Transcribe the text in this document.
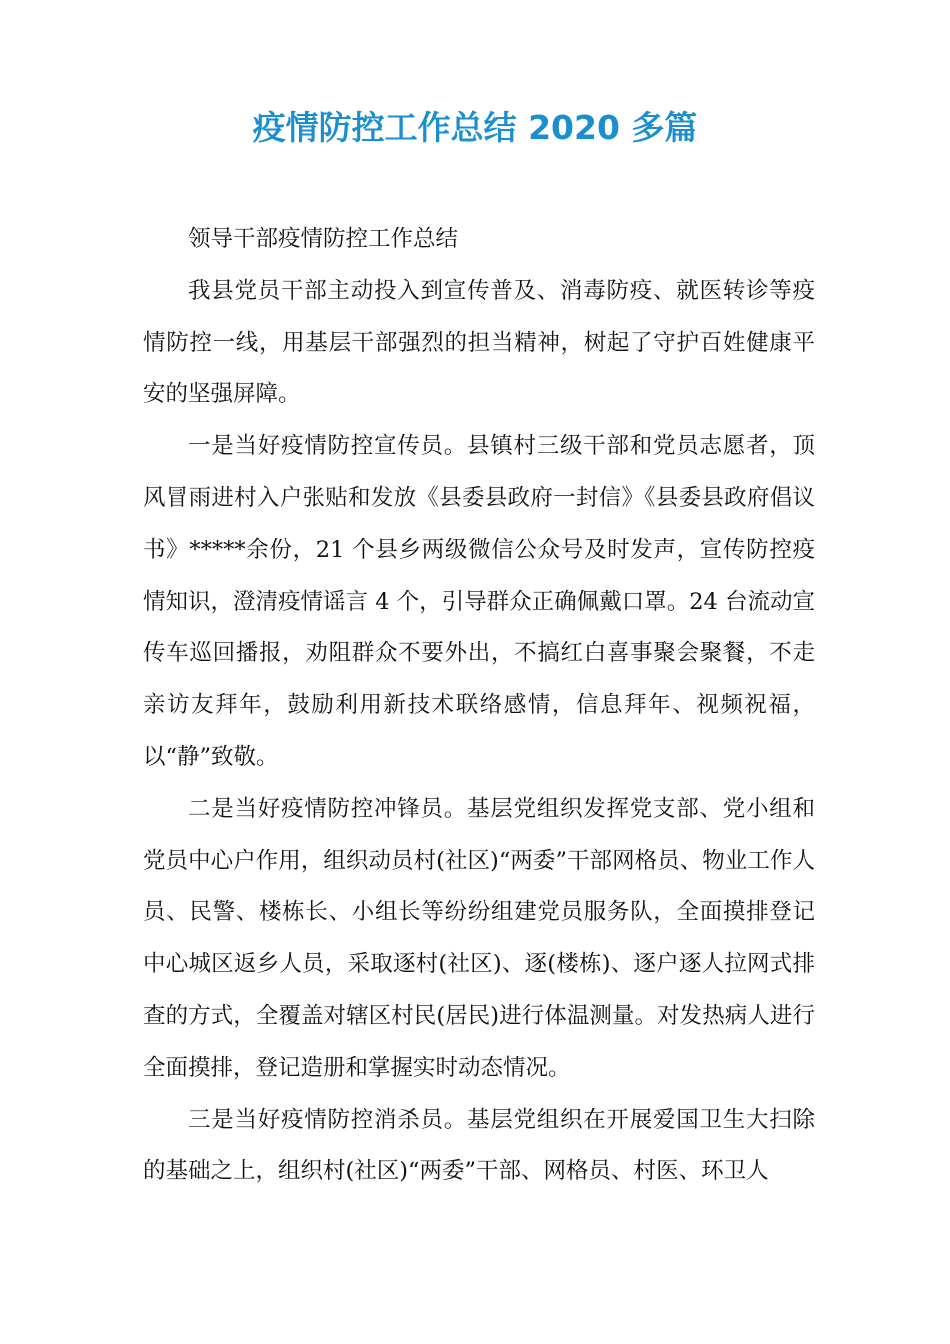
疫情防控工作总结 2020 多篇

领导干部疫情防控工作总结

我县党员干部主动投入到宣传普及、消毒防疫、就医转诊等疫情防控一线，用基层干部强烈的担当精神，树起了守护百姓健康平安的坚强屏障。

一是当好疫情防控宣传员。县镇村三级干部和党员志愿者，顶风冒雨进村入户张贴和发放《县委县政府一封信》《县委县政府倡议书》*****余份，21 个县乡两级微信公众号及时发声，宣传防控疫情知识，澄清疫情谣言 4 个，引导群众正确佩戴口罩。24 台流动宣传车巡回播报，劝阻群众不要外出，不搞红白喜事聚会聚餐，不走亲访友拜年，鼓励利用新技术联络感情，信息拜年、视频祝福，以“静”致敬。

二是当好疫情防控冲锋员。基层党组织发挥党支部、党小组和党员中心户作用，组织动员村(社区)“两委”干部网格员、物业工作人员、民警、楼栋长、小组长等纷纷组建党员服务队，全面摸排登记中心城区返乡人员，采取逐村(社区)、逐(楼栋)、逐户逐人拉网式排查的方式，全覆盖对辖区村民(居民)进行体温测量。对发热病人进行全面摸排，登记造册和掌握实时动态情况。

三是当好疫情防控消杀员。基层党组织在开展爱国卫生大扫除的基础之上，组织村(社区)“两委”干部、网格员、村医、环卫人
